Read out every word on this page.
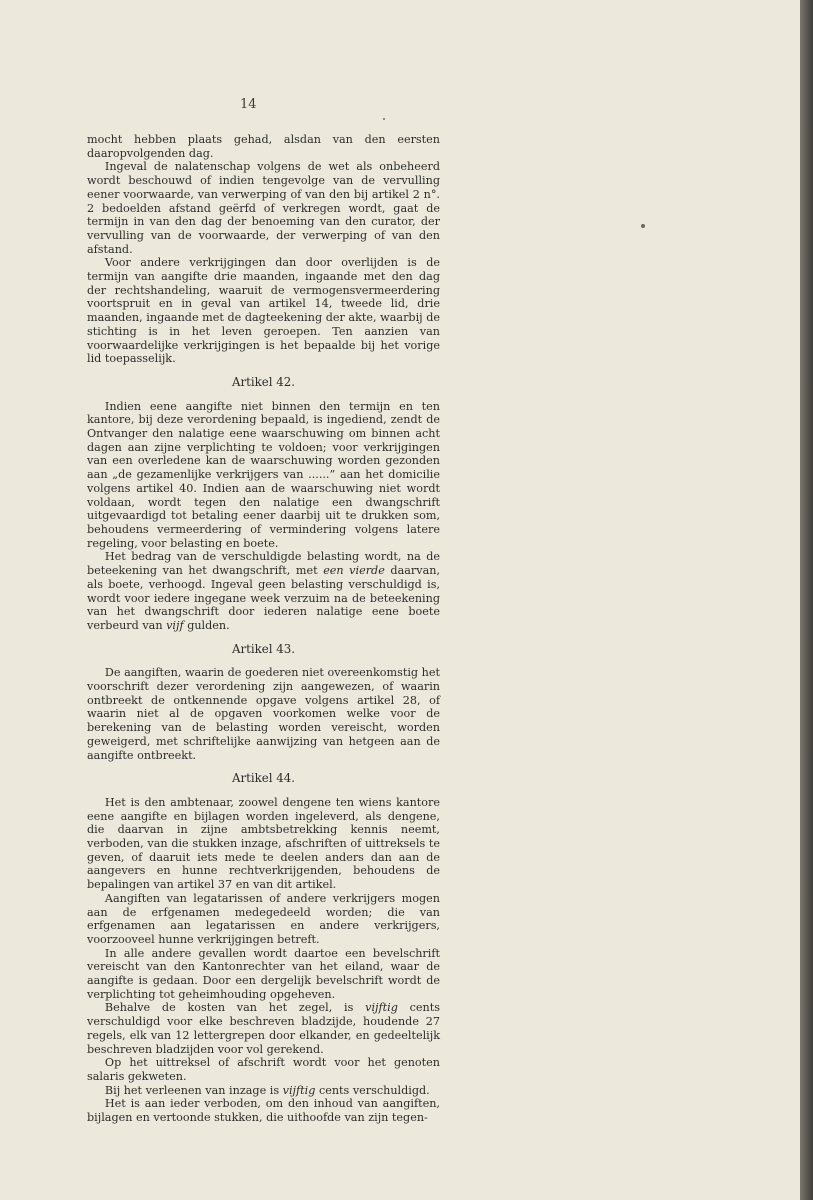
14

mocht hebben plaats gehad, alsdan van den eersten daaropvolgenden dag.

Ingeval de nalatenschap volgens de wet als onbeheerd wordt beschouwd of indien tengevolge van de vervulling eener voorwaarde, van verwerping of van den bij artikel 2 n°. 2 bedoelden afstand geërfd of verkregen wordt, gaat de termijn in van den dag der benoeming van den curator, der vervulling van de voorwaarde, der verwerping of van den afstand.

Voor andere verkrijgingen dan door overlijden is de termijn van aangifte drie maanden, ingaande met den dag der rechtshandeling, waaruit de vermogensvermeerdering voortspruit en in geval van artikel 14, tweede lid, drie maanden, ingaande met de dagteekening der akte, waarbij de stichting is in het leven geroepen. Ten aanzien van voorwaardelijke verkrijgingen is het bepaalde bij het vorige lid toepasselijk.

Artikel 42.

Indien eene aangifte niet binnen den termijn en ten kantore, bij deze verordening bepaald, is ingediend, zendt de Ontvanger den nalatige eene waarschuwing om binnen acht dagen aan zijne verplichting te voldoen; voor verkrijgingen van een overledene kan de waarschuwing worden gezonden aan „de gezamenlijke verkrijgers van ......” aan het domicilie volgens artikel 40. Indien aan de waarschuwing niet wordt voldaan, wordt tegen den nalatige een dwangschrift uitgevaardigd tot betaling eener daarbij uit te drukken som, behoudens vermeerdering of vermindering volgens latere regeling, voor belasting en boete.

Het bedrag van de verschuldigde belasting wordt, na de beteekening van het dwangschrift, met een vierde daarvan, als boete, verhoogd. Ingeval geen belasting verschuldigd is, wordt voor iedere ingegane week verzuim na de beteekening van het dwangschrift door iederen nalatige eene boete verbeurd van vijf gulden.

Artikel 43.

De aangiften, waarin de goederen niet overeenkomstig het voorschrift dezer verordening zijn aangewezen, of waarin ontbreekt de ontkennende opgave volgens artikel 28, of waarin niet al de opgaven voorkomen welke voor de berekening van de belasting worden vereischt, worden geweigerd, met schriftelijke aanwijzing van hetgeen aan de aangifte ontbreekt.

Artikel 44.

Het is den ambtenaar, zoowel dengene ten wiens kantore eene aangifte en bijlagen worden ingeleverd, als dengene, die daarvan in zijne ambtsbetrekking kennis neemt, verboden, van die stukken inzage, afschriften of uittreksels te geven, of daaruit iets mede te deelen anders dan aan de aangevers en hunne rechtverkrijgenden, behoudens de bepalingen van artikel 37 en van dit artikel.

Aangiften van legatarissen of andere verkrijgers mogen aan de erfgenamen medegedeeld worden; die van erfgenamen aan legatarissen en andere verkrijgers, voorzooveel hunne verkrijgingen betreft.

In alle andere gevallen wordt daartoe een bevelschrift vereischt van den Kantonrechter van het eiland, waar de aangifte is gedaan. Door een dergelijk bevelschrift wordt de verplichting tot geheimhouding opgeheven.

Behalve de kosten van het zegel, is vijftig cents verschuldigd voor elke beschreven bladzijde, houdende 27 regels, elk van 12 lettergrepen door elkander, en gedeeltelijk beschreven bladzijden voor vol gerekend.

Op het uittreksel of afschrift wordt voor het genoten salaris gekweten.

Bij het verleenen van inzage is vijftig cents verschuldigd.

Het is aan ieder verboden, om den inhoud van aangiften, bijlagen en vertoonde stukken, die uithoofde van zijn tegen-
